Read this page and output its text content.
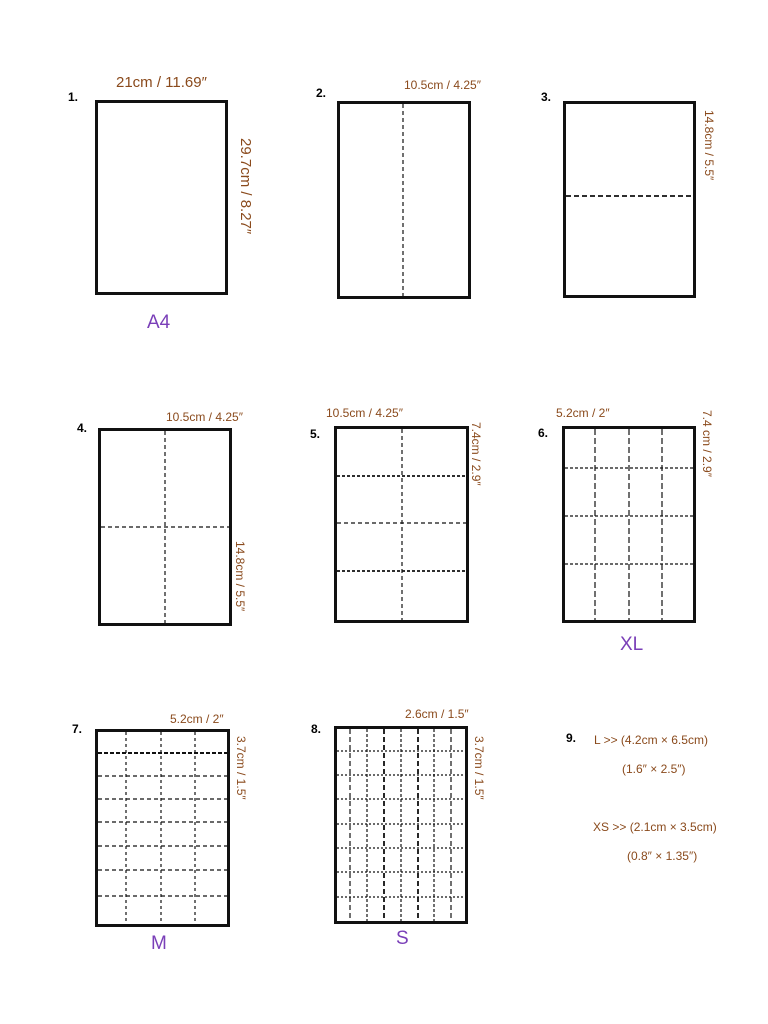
1.
21cm / 11.69″
29.7cm / 8.27″
A4
2.
10.5cm / 4.25″
3.
14.8cm / 5.5″
4.
10.5cm / 4.25″
14.8cm / 5.5″
5.
10.5cm / 4.25″
7.4cm / 2.9″	6.
5.2cm / 2″	7.4 cm / 2.9″
XL
7.
5.2cm / 2″
3.7cm / 1.5″
M
8.
2.6cm / 1.5″
3.7cm / 1.5″
S
9. L >> (4.2cm × 6.5cm)
(1.6″ × 2.5″)
XS >> (2.1cm × 3.5cm)
(0.8″ × 1.35″)
